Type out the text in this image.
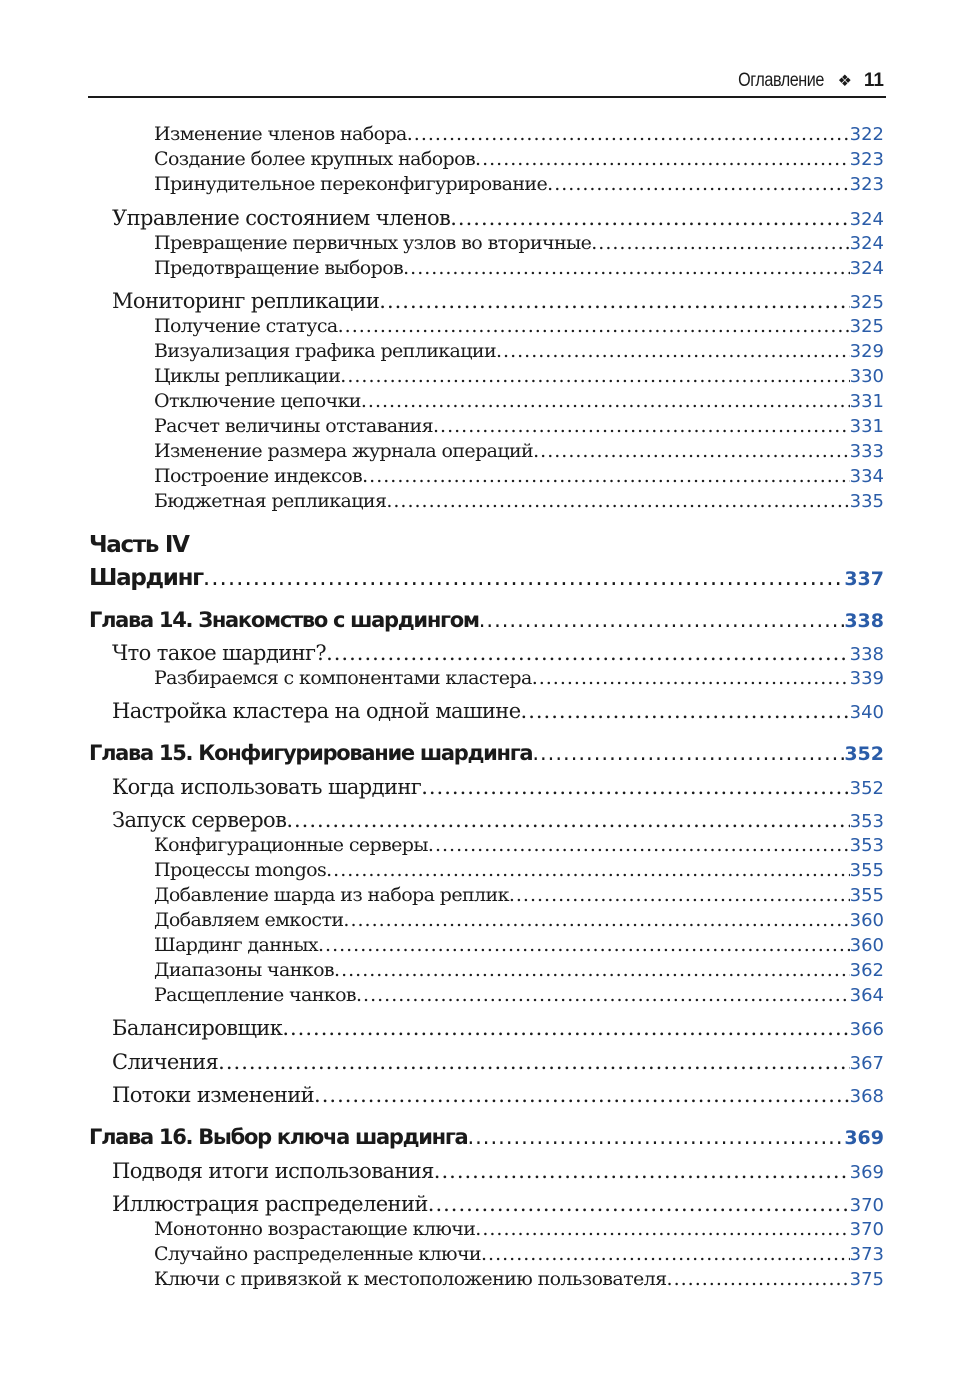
Оглавление ❖ 11
Часть IV
Изменение членов набора .....	322
Создание более крупных наборов .....	323
Принудительное переконфигурирование .....	323
Управление состоянием членов .....	324
Превращение первичных узлов во вторичные .....	324
Предотвращение выборов .....	324
Мониторинг репликации .....	325
Получение статуса .....	325
Визуализация графика репликации .....	329
Циклы репликации .....	330
Отключение цепочки .....	331
Расчет величины отставания .....	331
Изменение размера журнала операций .....	333
Построение индексов .....	334
Бюджетная репликация .....	335
Шардинг .....	337
Глава 14. Знакомство с шардингом .....	338
Что такое шардинг? .....	338
Разбираемся с компонентами кластера .....	339
Настройка кластера на одной машине .....	340
Глава 15. Конфигурирование шардинга .....	352
Когда использовать шардинг .....	352
Запуск серверов .....	353
Конфигурационные серверы .....	353
Процессы mongos .....	355
Добавление шарда из набора реплик .....	355
Добавляем емкости .....	360
Шардинг данных .....	360
Диапазоны чанков .....	362
Расщепление чанков .....	364
Балансировщик .....	366
Сличения .....	367
Потоки изменений .....	368
Глава 16. Выбор ключа шардинга .....	369
Подводя итоги использования .....	369
Иллюстрация распределений .....	370
Монотонно возрастающие ключи .....	370
Случайно распределенные ключи .....	373
Ключи с привязкой к местоположению пользователя .....	375
